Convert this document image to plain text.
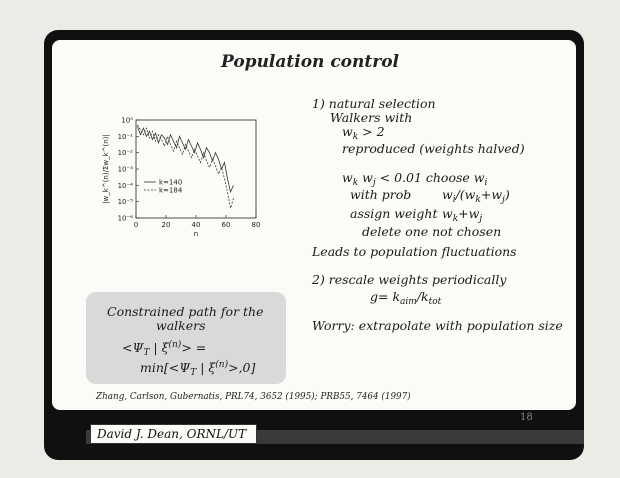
Population control
0	20	40	60	80
10⁰
10⁻¹
10⁻²
10⁻³
10⁻⁴
10⁻⁵
10⁻⁶
n
|w_k^(n)/Σw_k^(n)|	k=140
k=184
1) natural selection
Walkers with
$w_k > 2$
reproduced (weights halved)
$w_k$ $w_j < 0.01$ choose $w_i$
with prob $w_i/(w_k+w_j)$
assign weight $w_k+w_j$
delete one not chosen
Leads to population fluctuations
2) rescale weights periodically
$g= k_{aim}/k_{tot}$
Worry: extrapolate with population size
Constrained path for the
walkers
$<\Psi_T$ | $\xi^{(n)}>$ =
$\min[<\Psi_T$ | $\xi^{(n)}>,0$]
Zhang, Carlson, Gubernatis, PRL74, 3652 (1995); PRB55, 7464 (1997)
18
David J. Dean, ORNL/UT
